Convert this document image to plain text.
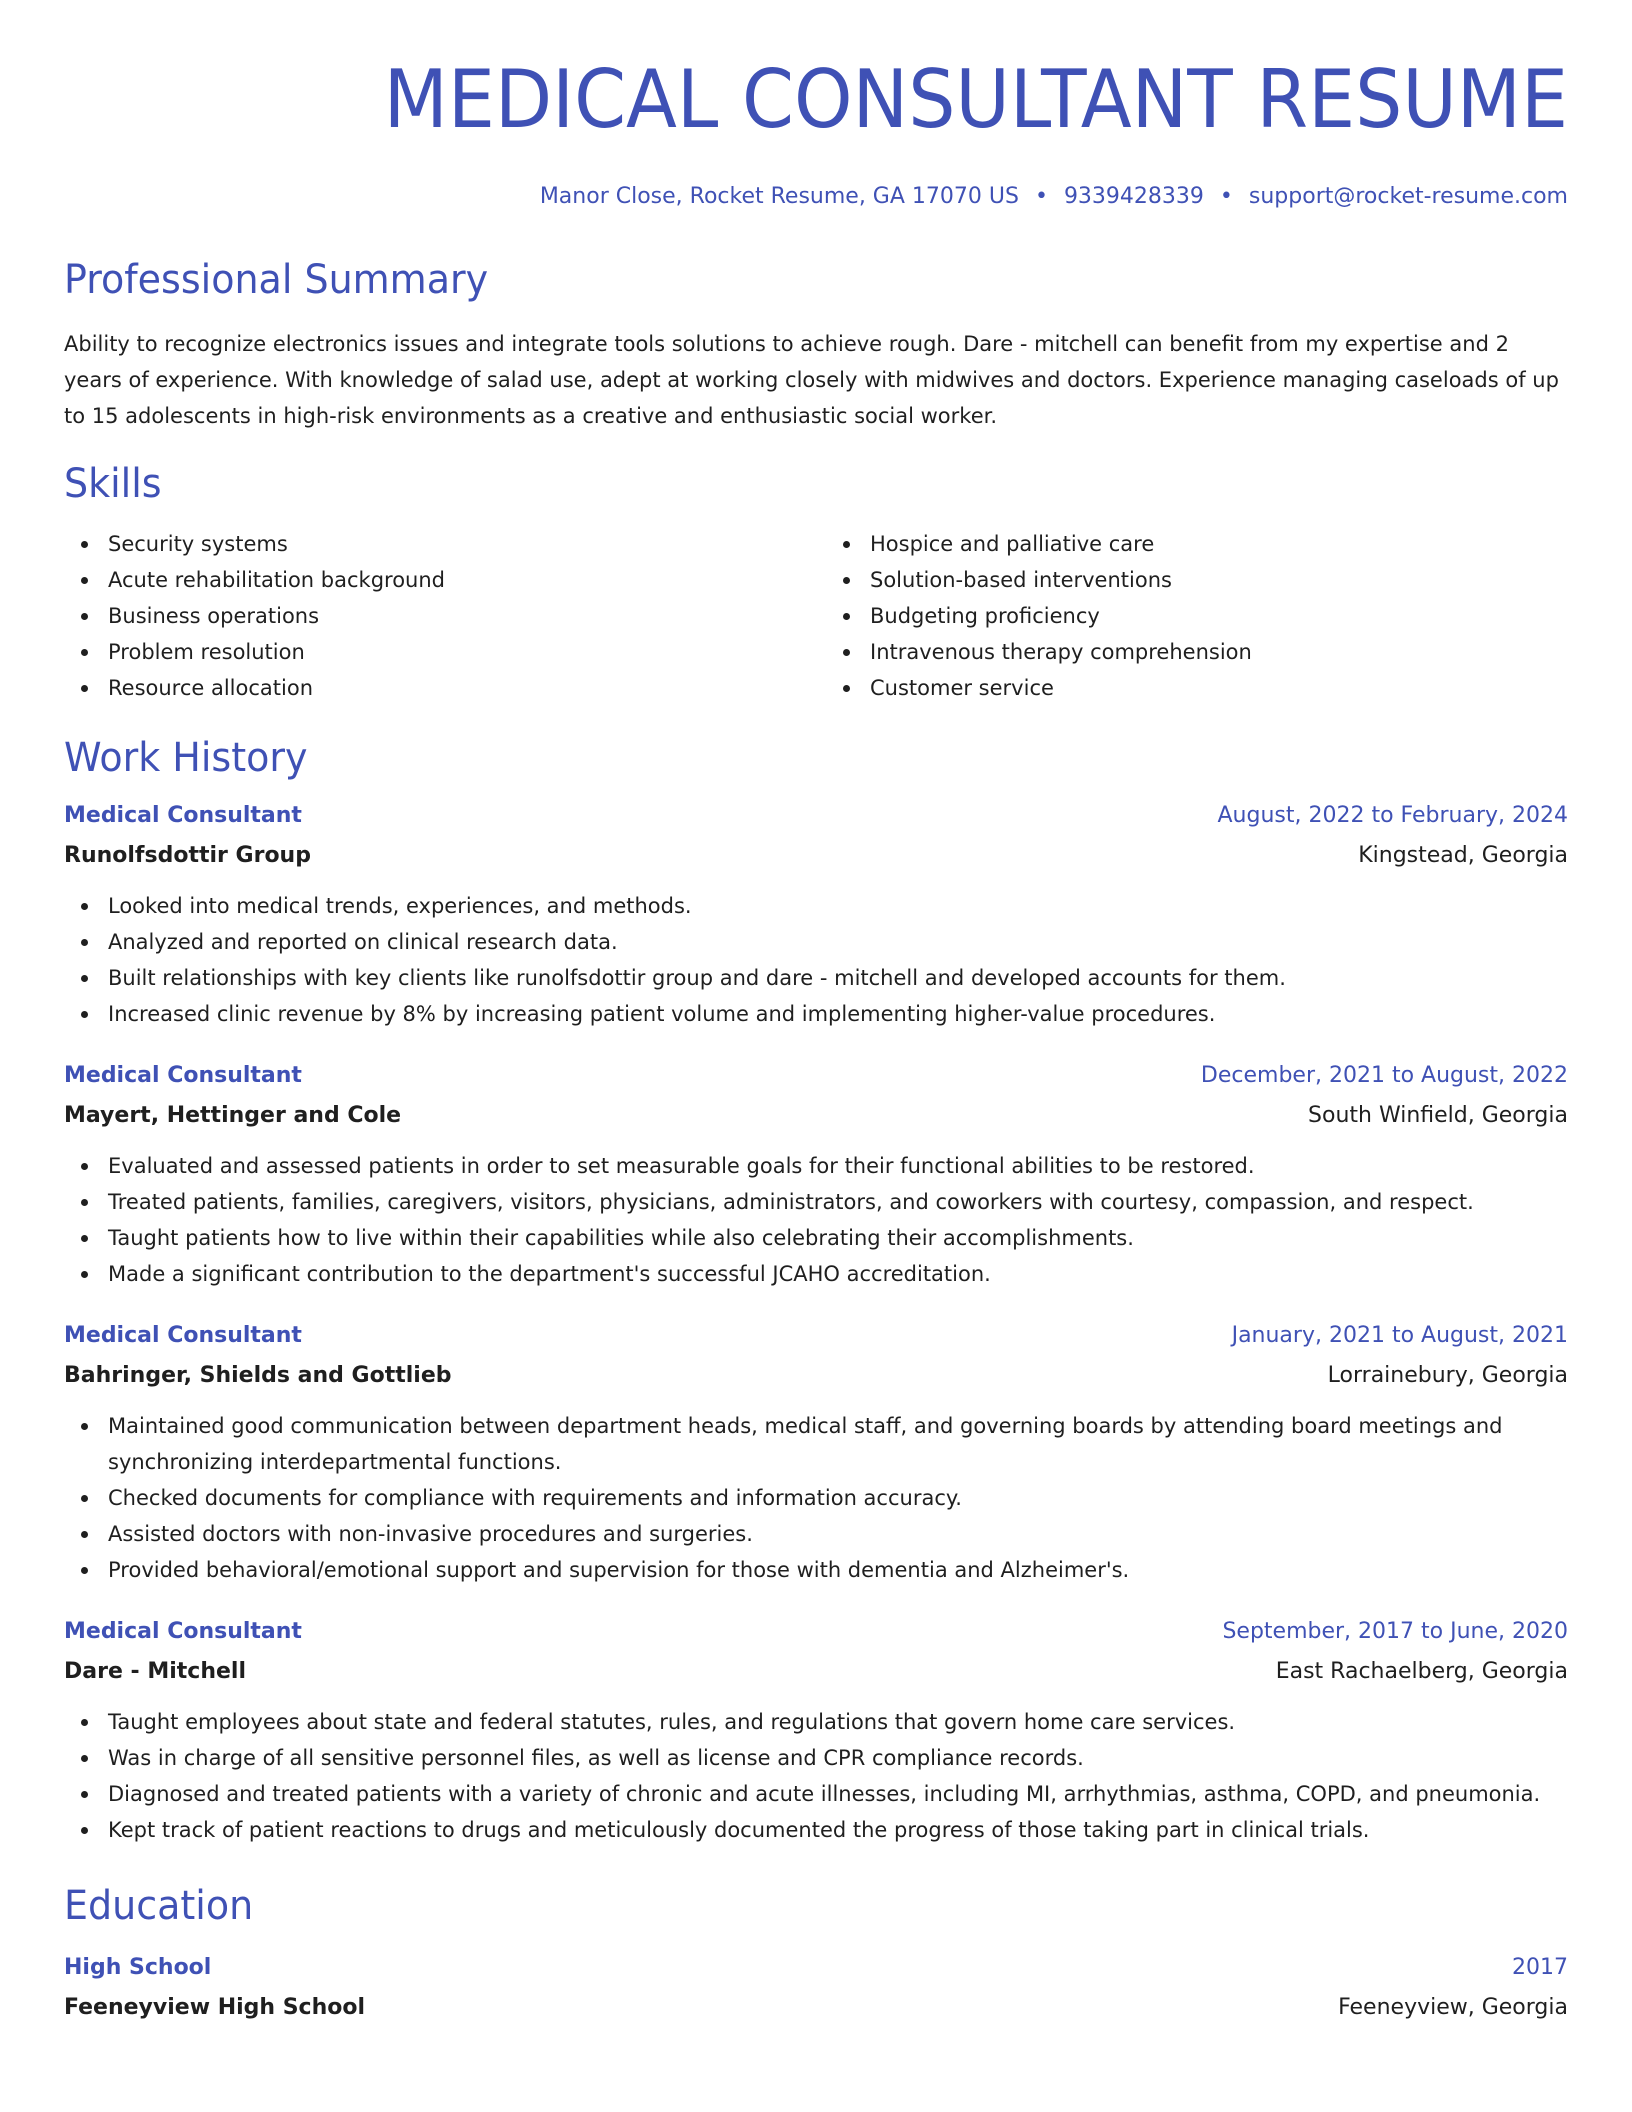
MEDICAL CONSULTANT RESUME
Manor Close, Rocket Resume, GA 17070 US • 9339428339 • support@rocket-resume.com
Professional Summary

Ability to recognize electronics issues and integrate tools solutions to achieve rough. Dare - mitchell can benefit from my expertise and 2 years of experience. With knowledge of salad use, adept at working closely with midwives and doctors. Experience managing caseloads of up to 15 adolescents in high-risk environments as a creative and enthusiastic social worker.

Skills
Security systems
Acute rehabilitation background
Business operations
Problem resolution
Resource allocation
Hospice and palliative care
Solution-based interventions
Budgeting proficiency
Intravenous therapy comprehension
Customer service
Work History
Medical Consultant	August, 2022 to February, 2024
Runolfsdottir Group	Kingstead, Georgia
Looked into medical trends, experiences, and methods.
Analyzed and reported on clinical research data.
Built relationships with key clients like runolfsdottir group and dare - mitchell and developed accounts for them.
Increased clinic revenue by 8% by increasing patient volume and implementing higher-value procedures.
Medical Consultant	December, 2021 to August, 2022
Mayert, Hettinger and Cole	South Winfield, Georgia
Evaluated and assessed patients in order to set measurable goals for their functional abilities to be restored.
Treated patients, families, caregivers, visitors, physicians, administrators, and coworkers with courtesy, compassion, and respect.
Taught patients how to live within their capabilities while also celebrating their accomplishments.
Made a significant contribution to the department's successful JCAHO accreditation.
Medical Consultant	January, 2021 to August, 2021
Bahringer, Shields and Gottlieb	Lorrainebury, Georgia
Maintained good communication between department heads, medical staff, and governing boards by attending board meetings and synchronizing interdepartmental functions.
Checked documents for compliance with requirements and information accuracy.
Assisted doctors with non-invasive procedures and surgeries.
Provided behavioral/emotional support and supervision for those with dementia and Alzheimer's.
Medical Consultant	September, 2017 to June, 2020
Dare - Mitchell	East Rachaelberg, Georgia
Taught employees about state and federal statutes, rules, and regulations that govern home care services.
Was in charge of all sensitive personnel files, as well as license and CPR compliance records.
Diagnosed and treated patients with a variety of chronic and acute illnesses, including MI, arrhythmias, asthma, COPD, and pneumonia.
Kept track of patient reactions to drugs and meticulously documented the progress of those taking part in clinical trials.
Education
High School	2017
Feeneyview High School	Feeneyview, Georgia
